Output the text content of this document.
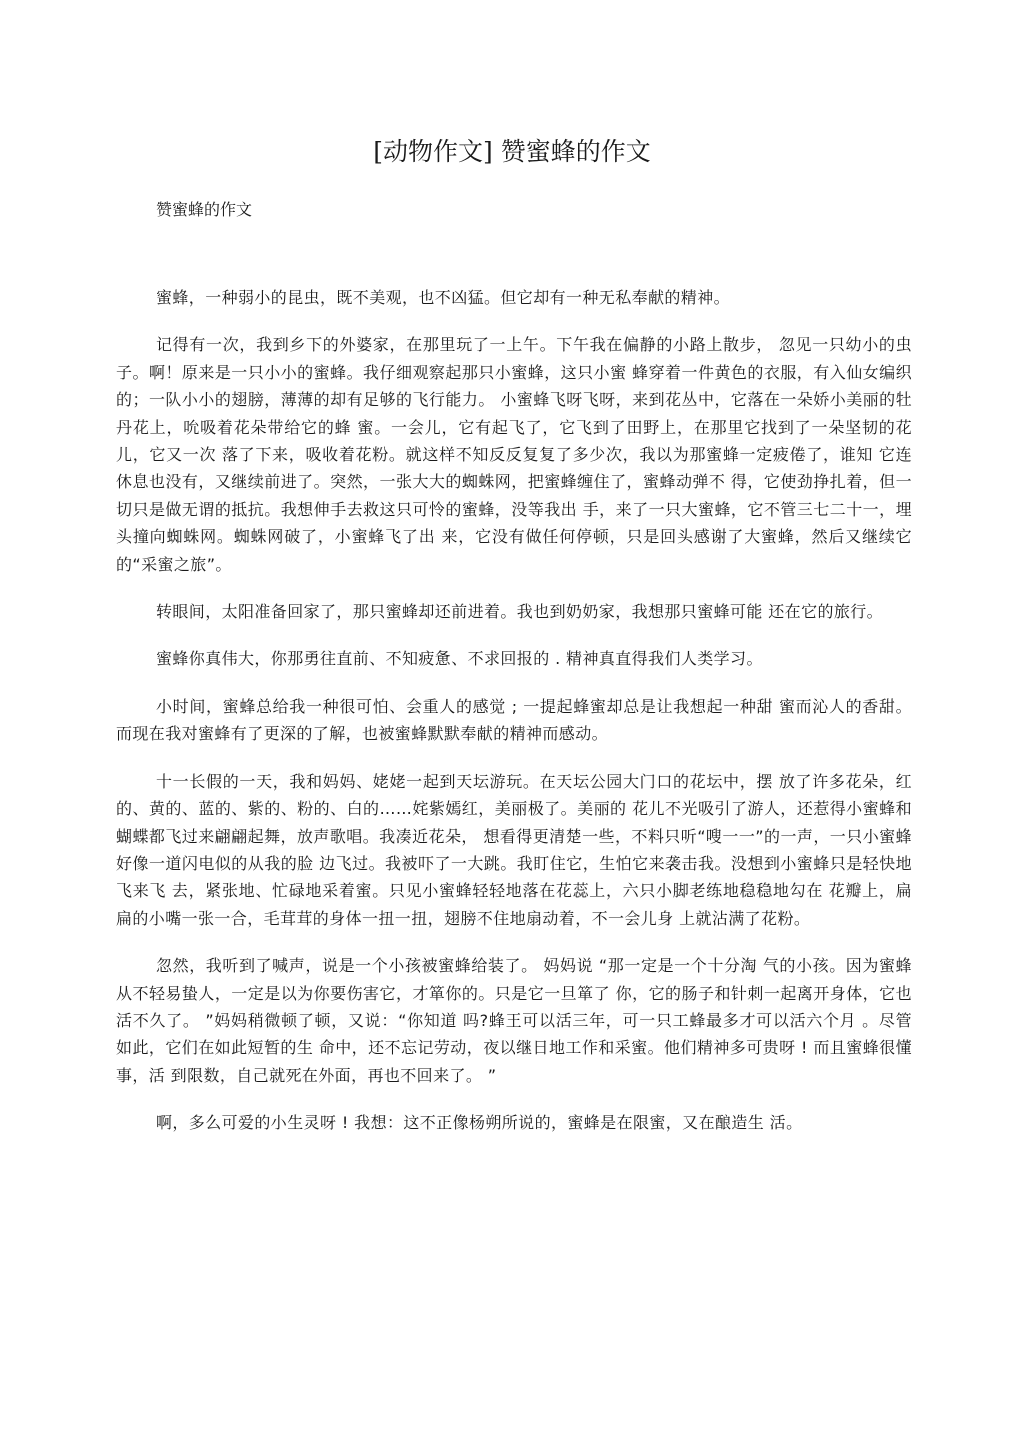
[动物作文] 赞蜜蜂的作文
赞蜜蜂的作文

蜜蜂，一种弱小的昆虫，既不美观，也不凶猛。但它却有一种无私奉献的精神。

记得有一次，我到乡下的外婆家，在那里玩了一上午。下午我在偏静的小路上散步， 忽见一只幼小的虫子。啊！原来是一只小小的蜜蜂。我仔细观察起那只小蜜蜂，这只小蜜 蜂穿着一件黄色的衣服，有入仙女编织的；一队小小的翅膀，薄薄的却有足够的飞行能力。 小蜜蜂飞呀飞呀，来到花丛中，它落在一朵娇小美丽的牡丹花上，吮吸着花朵带给它的蜂 蜜。一会儿，它有起飞了，它飞到了田野上，在那里它找到了一朵坚韧的花儿，它又一次 落了下来，吸收着花粉。就这样不知反反复复了多少次，我以为那蜜蜂一定疲倦了，谁知 它连休息也没有，又继续前进了。突然，一张大大的蜘蛛网，把蜜蜂缠住了，蜜蜂动弹不 得，它使劲挣扎着，但一切只是做无谓的抵抗。我想伸手去救这只可怜的蜜蜂，没等我出 手，来了一只大蜜蜂，它不管三七二十一，埋头撞向蜘蛛网。蜘蛛网破了，小蜜蜂飞了出 来，它没有做任何停顿，只是回头感谢了大蜜蜂，然后又继续它的“采蜜之旅”。

转眼间，太阳准备回家了，那只蜜蜂却还前进着。我也到奶奶家，我想那只蜜蜂可能 还在它的旅行。

蜜蜂你真伟大，你那勇往直前、不知疲惫、不求回报的 . 精神真直得我们人类学习。

小时间，蜜蜂总给我一种很可怕、会重人的感觉 ; 一提起蜂蜜却总是让我想起一种甜 蜜而沁人的香甜。而现在我对蜜蜂有了更深的了解，也被蜜蜂默默奉献的精神而感动。

十一长假的一天，我和妈妈、姥姥一起到天坛游玩。在天坛公园大门口的花坛中，摆 放了许多花朵，红的、黄的、蓝的、紫的、粉的、白的……姹紫嫣红，美丽极了。美丽的 花儿不光吸引了游人，还惹得小蜜蜂和蝴蝶都飞过来翩翩起舞，放声歌唱。我凑近花朵， 想看得更清楚一些，不料只听“嗖一一”的一声，一只小蜜蜂好像一道闪电似的从我的脸 边飞过。我被吓了一大跳。我盯住它，生怕它来袭击我。没想到小蜜蜂只是轻快地飞来飞 去，紧张地、忙碌地采着蜜。只见小蜜蜂轻轻地落在花蕊上，六只小脚老练地稳稳地勾在 花瓣上，扁扁的小嘴一张一合，毛茸茸的身体一扭一扭，翅膀不住地扇动着，不一会儿身 上就沾满了花粉。

忽然，我听到了喊声，说是一个小孩被蜜蜂给装了。 妈妈说 “那一定是一个十分淘 气的小孩。因为蜜蜂从不轻易蛰人，一定是以为你要伤害它，才箪你的。只是它一旦箪了 你，它的肠子和针刺一起离开身体，它也活不久了。 ”妈妈稍微顿了顿，又说：“你知道 吗?蜂王可以活三年，可一只工蜂最多才可以活六个月 。尽管如此，它们在如此短暂的生 命中，还不忘记劳动，夜以继日地工作和采蜜。他们精神多可贵呀 ! 而且蜜蜂很懂事，活 到限数，自己就死在外面，再也不回来了。 ”

啊，多么可爱的小生灵呀 ! 我想：这不正像杨朔所说的，蜜蜂是在限蜜，又在酿造生 活。
